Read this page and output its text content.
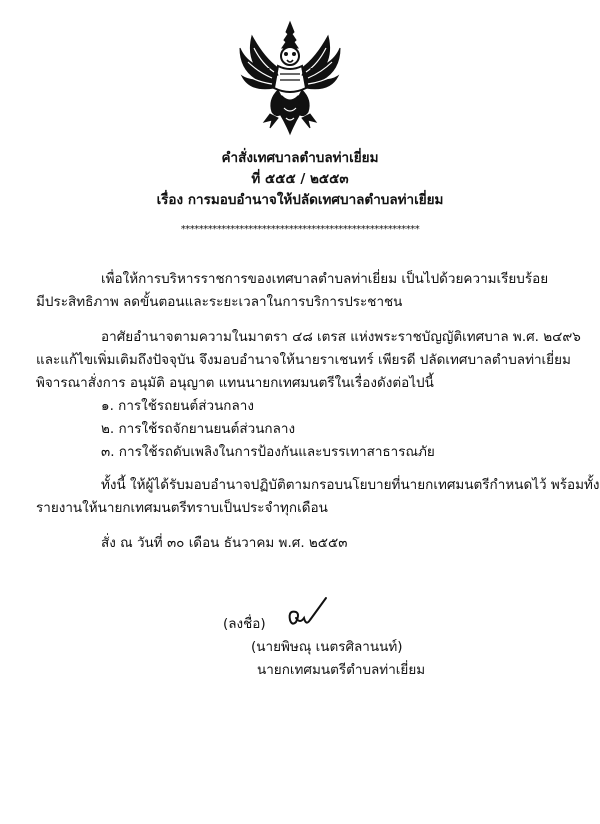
คำสั่งเทศบาลตำบลท่าเยี่ยม
ที่ ๕๕๕ / ๒๕๕๓
เรื่อง การมอบอำนาจให้ปลัดเทศบาลตำบลท่าเยี่ยม
*****************************************************
เพื่อให้การบริหารราชการของเทศบาลตำบลท่าเยี่ยม เป็นไปด้วยความเรียบร้อย
มีประสิทธิภาพ ลดขั้นตอนและระยะเวลาในการบริการประชาชน
อาศัยอำนาจตามความในมาตรา ๔๘ เตรส แห่งพระราชบัญญัติเทศบาล พ.ศ. ๒๔๙๖
และแก้ไขเพิ่มเติมถึงปัจจุบัน จึงมอบอำนาจให้นายราเชนทร์ เพียรดี ปลัดเทศบาลตำบลท่าเยี่ยม
พิจารณาสั่งการ อนุมัติ อนุญาต แทนนายกเทศมนตรีในเรื่องดังต่อไปนี้
๑. การใช้รถยนต์ส่วนกลาง
๒. การใช้รถจักยานยนต์ส่วนกลาง
๓. การใช้รถดับเพลิงในการป้องกันและบรรเทาสาธารณภัย
ทั้งนี้ ให้ผู้ได้รับมอบอำนาจปฏิบัติตามกรอบนโยบายที่นายกเทศมนตรีกำหนดไว้ พร้อมทั้ง
รายงานให้นายกเทศมนตรีทราบเป็นประจำทุกเดือน
สั่ง ณ วันที่ ๓๐ เดือน ธันวาคม พ.ศ. ๒๕๕๓
(ลงชื่อ)
(นายพิษณุ เนตรศิลานนท์)
นายกเทศมนตรีตำบลท่าเยี่ยม
